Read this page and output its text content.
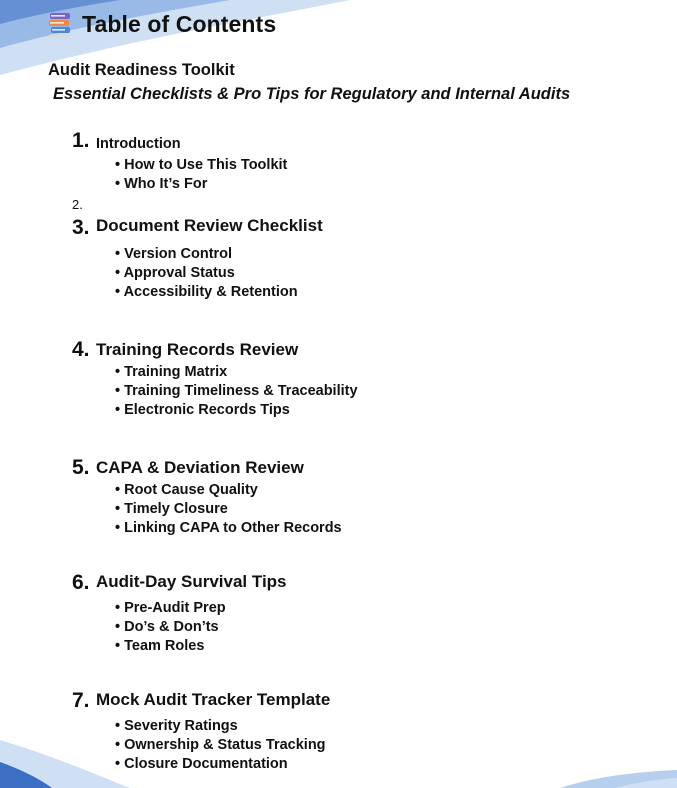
Table of Contents
Audit Readiness Toolkit
Essential Checklists & Pro Tips for Regulatory and Internal Audits
1. Introduction
• How to Use This Toolkit
• Who It’s For
2.
3. Document Review Checklist
• Version Control
• Approval Status
• Accessibility & Retention
4. Training Records Review
• Training Matrix
• Training Timeliness & Traceability
• Electronic Records Tips
5. CAPA & Deviation Review
• Root Cause Quality
• Timely Closure
• Linking CAPA to Other Records
6. Audit-Day Survival Tips
• Pre-Audit Prep
• Do’s & Don’ts
• Team Roles
7. Mock Audit Tracker Template
• Severity Ratings
• Ownership & Status Tracking
• Closure Documentation
